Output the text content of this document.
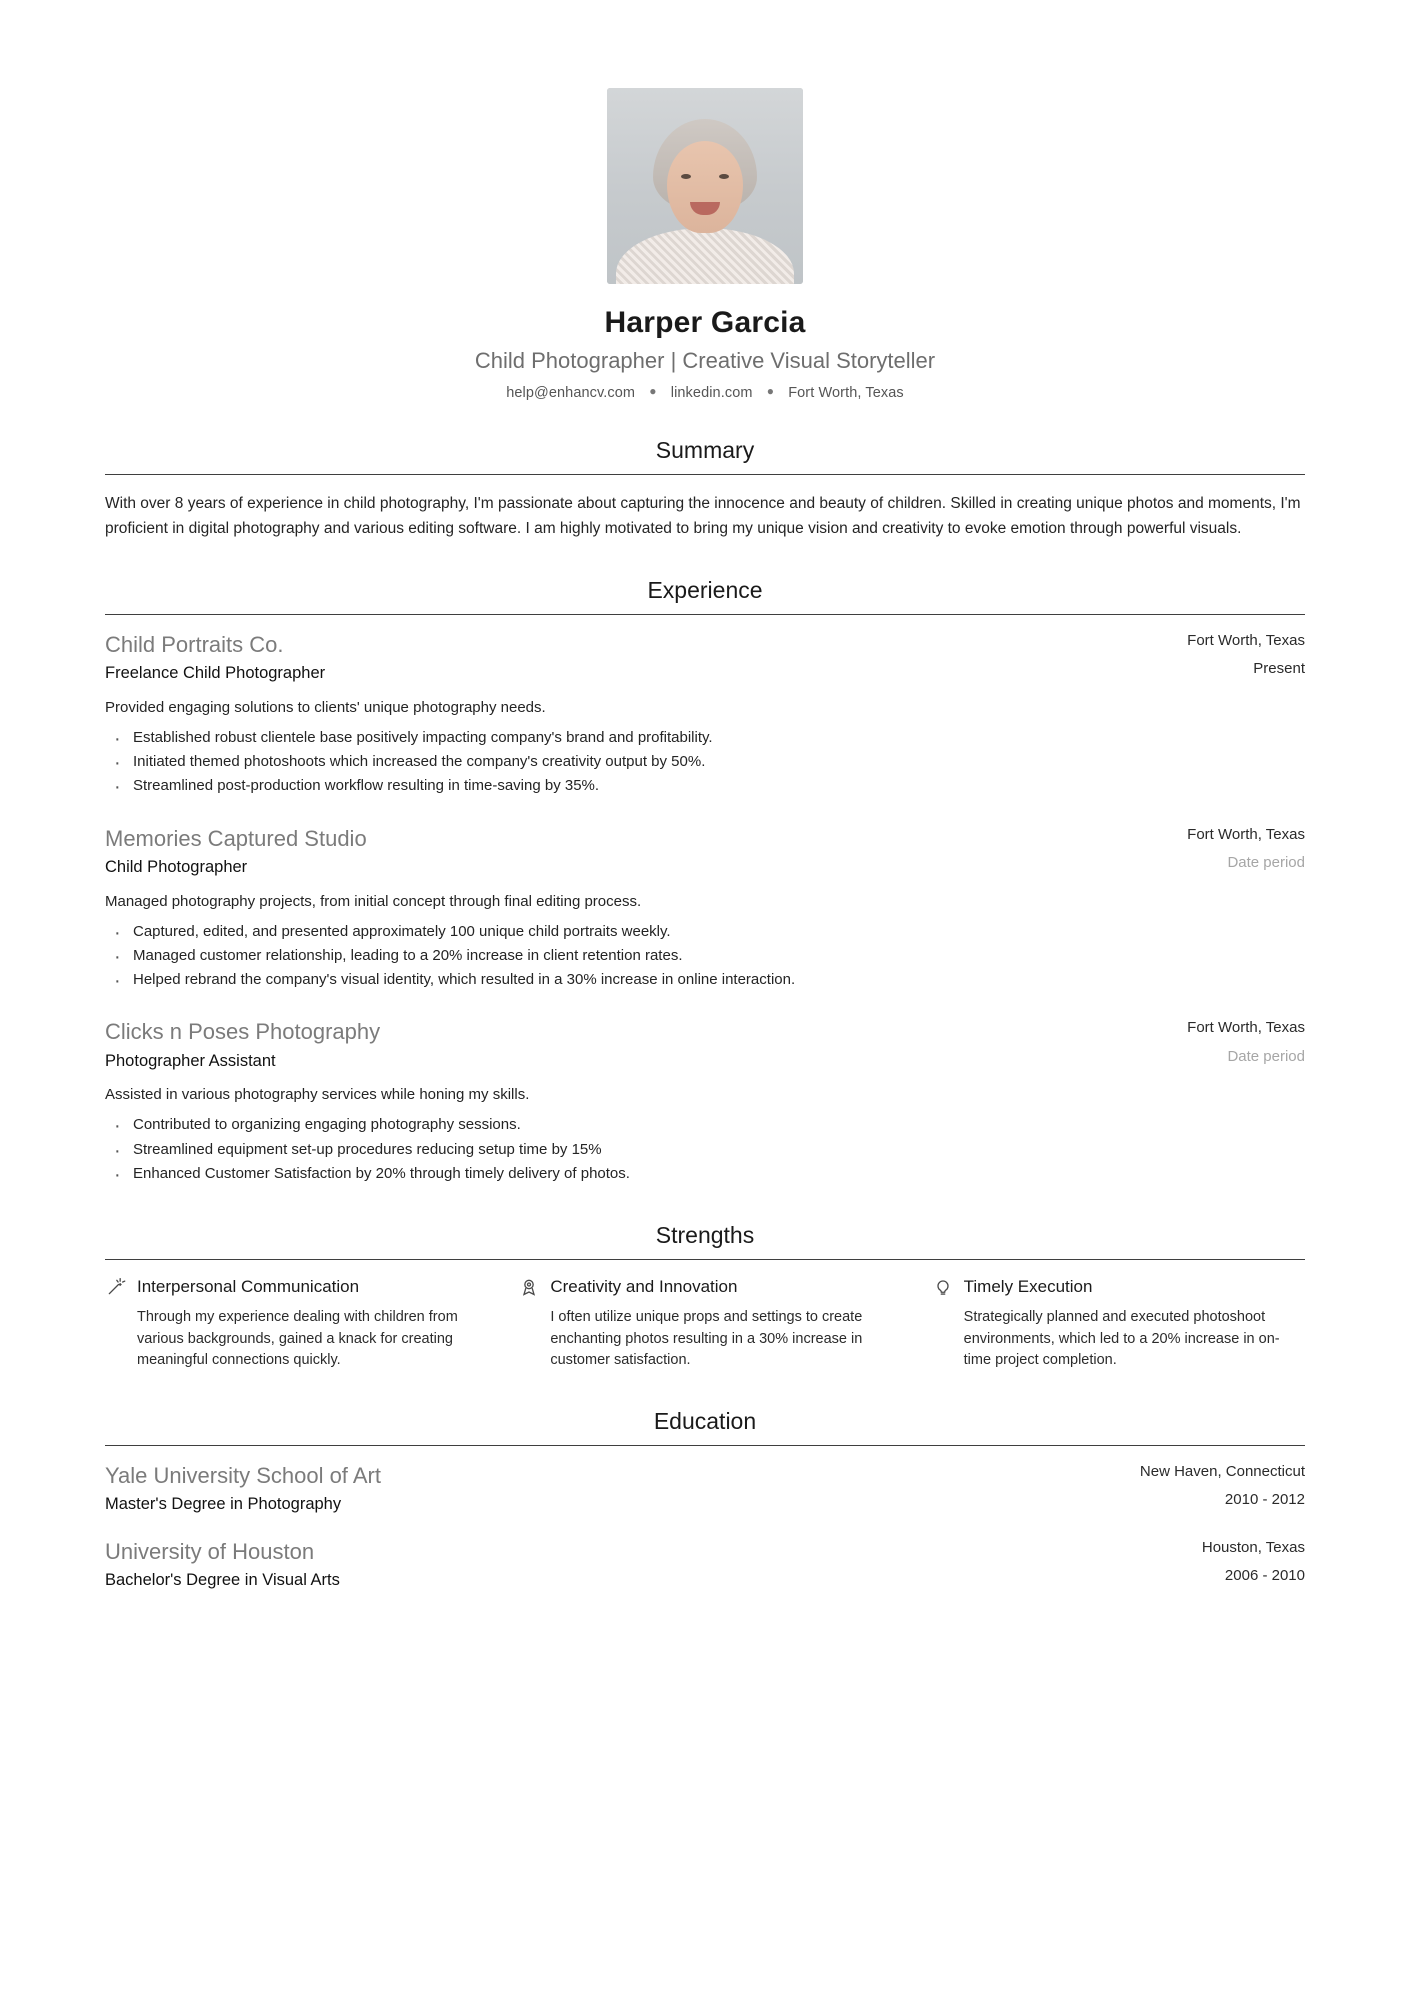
Harper Garcia
Child Photographer | Creative Visual Storyteller
help@enhancv.com ● linkedin.com ● Fort Worth, Texas
Summary

With over 8 years of experience in child photography, I'm passionate about capturing the innocence and beauty of children. Skilled in creating unique photos and moments, I'm proficient in digital photography and various editing software. I am highly motivated to bring my unique vision and creativity to evoke emotion through powerful visuals.

Experience
Child Portraits Co.
Freelance Child Photographer
Fort Worth, Texas
Present
Provided engaging solutions to clients' unique photography needs.
· Established robust clientele base positively impacting company's brand and profitability.
· Initiated themed photoshoots which increased the company's creativity output by 50%.
· Streamlined post-production workflow resulting in time-saving by 35%.
Memories Captured Studio
Child Photographer
Fort Worth, Texas
Date period
Managed photography projects, from initial concept through final editing process.
· Captured, edited, and presented approximately 100 unique child portraits weekly.
· Managed customer relationship, leading to a 20% increase in client retention rates.
· Helped rebrand the company's visual identity, which resulted in a 30% increase in online interaction.
Clicks n Poses Photography
Photographer Assistant
Fort Worth, Texas
Date period
Assisted in various photography services while honing my skills.
· Contributed to organizing engaging photography sessions.
· Streamlined equipment set-up procedures reducing setup time by 15%
· Enhanced Customer Satisfaction by 20% through timely delivery of photos.
Strengths
Interpersonal Communication
Through my experience dealing with children from various backgrounds, gained a knack for creating meaningful connections quickly.
Creativity and Innovation
I often utilize unique props and settings to create enchanting photos resulting in a 30% increase in customer satisfaction.
Timely Execution
Strategically planned and executed photoshoot environments, which led to a 20% increase in on-time project completion.
Education
Yale University School of Art
Master's Degree in Photography
New Haven, Connecticut
2010 - 2012
University of Houston
Bachelor's Degree in Visual Arts
Houston, Texas
2006 - 2010
